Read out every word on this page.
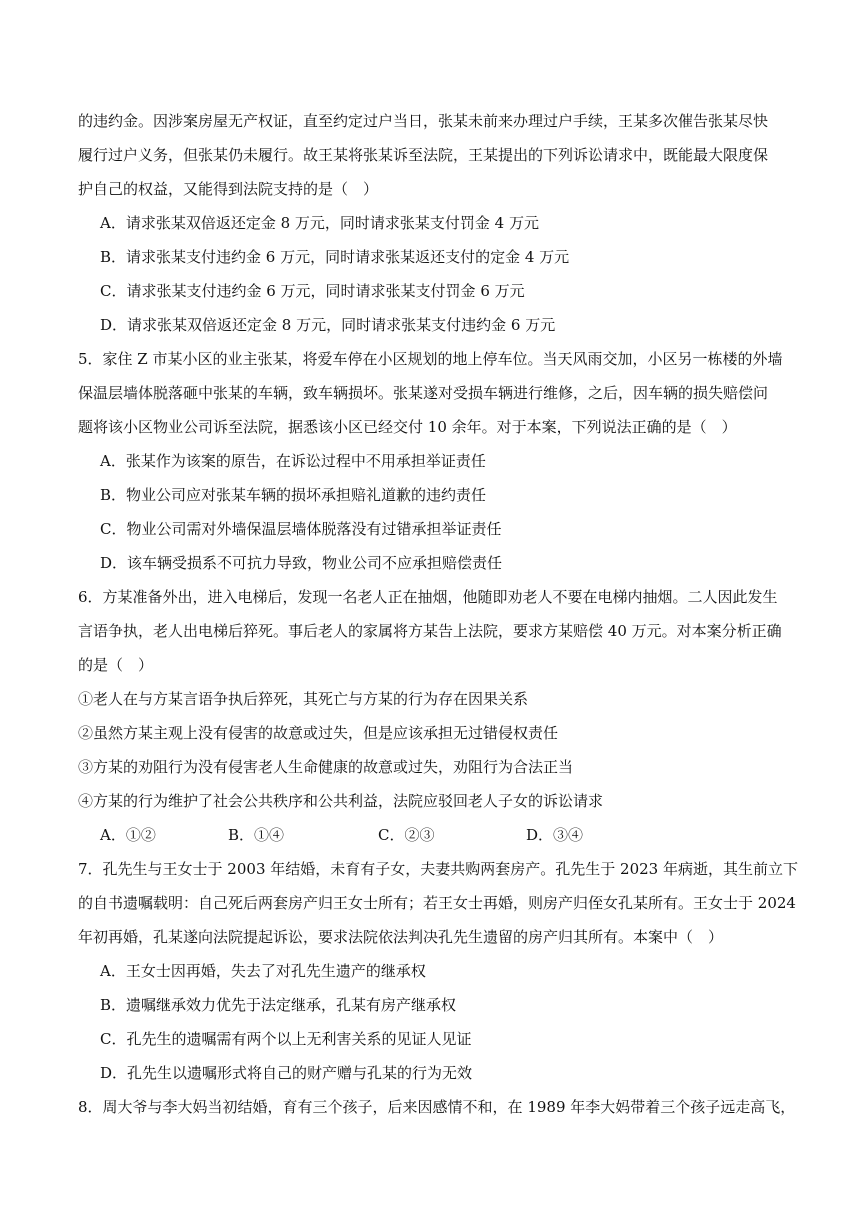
的违约金。因涉案房屋无产权证，直至约定过户当日，张某未前来办理过户手续，王某多次催告张某尽快
履行过户义务，但张某仍未履行。故王某将张某诉至法院，王某提出的下列诉讼请求中，既能最大限度保
护自己的权益，又能得到法院支持的是（　）
A．请求张某双倍返还定金 8 万元，同时请求张某支付罚金 4 万元
B．请求张某支付违约金 6 万元，同时请求张某返还支付的定金 4 万元
C．请求张某支付违约金 6 万元，同时请求张某支付罚金 6 万元
D．请求张某双倍返还定金 8 万元，同时请求张某支付违约金 6 万元
5．家住 Z 市某小区的业主张某，将爱车停在小区规划的地上停车位。当天风雨交加，小区另一栋楼的外墙
保温层墙体脱落砸中张某的车辆，致车辆损坏。张某遂对受损车辆进行维修，之后，因车辆的损失赔偿问
题将该小区物业公司诉至法院，据悉该小区已经交付 10 余年。对于本案，下列说法正确的是（　）
A．张某作为该案的原告，在诉讼过程中不用承担举证责任
B．物业公司应对张某车辆的损坏承担赔礼道歉的违约责任
C．物业公司需对外墙保温层墙体脱落没有过错承担举证责任
D．该车辆受损系不可抗力导致，物业公司不应承担赔偿责任
6．方某准备外出，进入电梯后，发现一名老人正在抽烟，他随即劝老人不要在电梯内抽烟。二人因此发生
言语争执，老人出电梯后猝死。事后老人的家属将方某告上法院，要求方某赔偿 40 万元。对本案分析正确
的是（　）
①老人在与方某言语争执后猝死，其死亡与方某的行为存在因果关系
②虽然方某主观上没有侵害的故意或过失，但是应该承担无过错侵权责任
③方某的劝阻行为没有侵害老人生命健康的故意或过失，劝阻行为合法正当
④方某的行为维护了社会公共秩序和公共利益，法院应驳回老人子女的诉讼请求
A．①②	B．①④	C．②③	D．③④
7．孔先生与王女士于 2003 年结婚，未育有子女，夫妻共购两套房产。孔先生于 2023 年病逝，其生前立下
的自书遗嘱载明：自己死后两套房产归王女士所有；若王女士再婚，则房产归侄女孔某所有。王女士于 2024
年初再婚，孔某遂向法院提起诉讼，要求法院依法判决孔先生遗留的房产归其所有。本案中（　）
A．王女士因再婚，失去了对孔先生遗产的继承权
B．遗嘱继承效力优先于法定继承，孔某有房产继承权
C．孔先生的遗嘱需有两个以上无利害关系的见证人见证
D．孔先生以遗嘱形式将自己的财产赠与孔某的行为无效
8．周大爷与李大妈当初结婚，育有三个孩子，后来因感情不和，在 1989 年李大妈带着三个孩子远走高飞，
